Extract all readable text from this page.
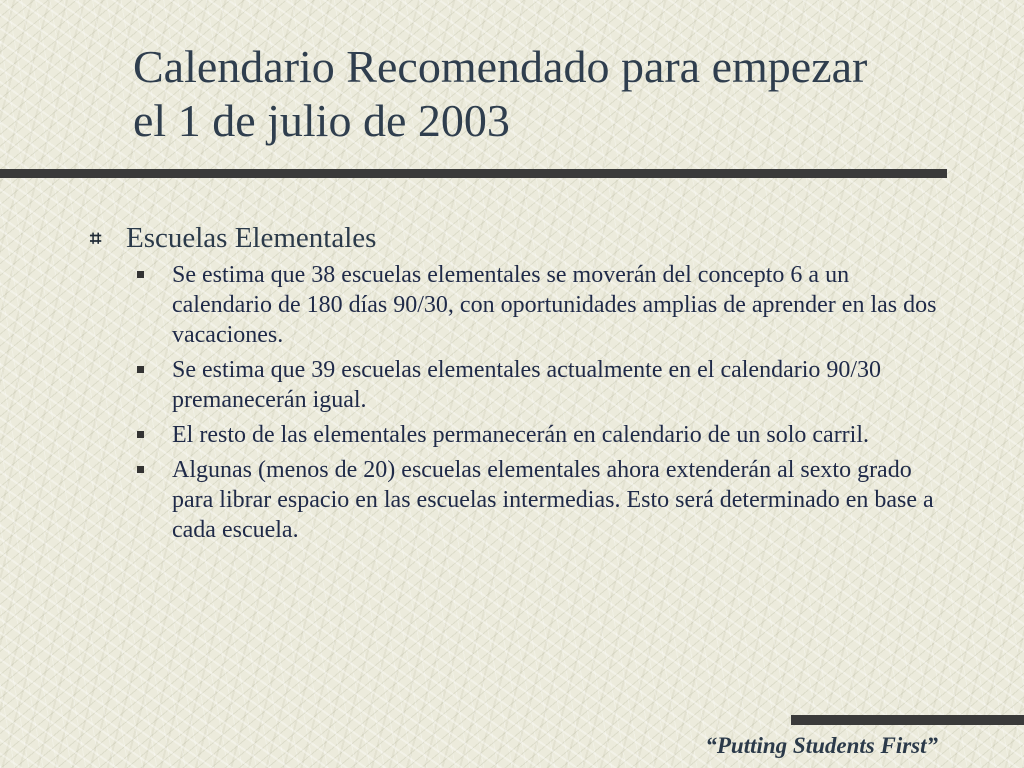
Calendario Recomendado para empezar
el 1 de julio de 2003
⌗ Escuelas Elementales
Se estima que 38 escuelas elementales se moverán del concepto 6 a un calendario de 180 días 90/30, con oportunidades amplias de aprender en las dos vacaciones.
Se estima que 39 escuelas elementales actualmente en el calendario 90/30 premanecerán igual.
El resto de las elementales permanecerán en calendario de un solo carril.
Algunas (menos de 20) escuelas elementales ahora extenderán al sexto grado para librar espacio en las escuelas intermedias. Esto será determinado en base a cada escuela.
“Putting Students First”
